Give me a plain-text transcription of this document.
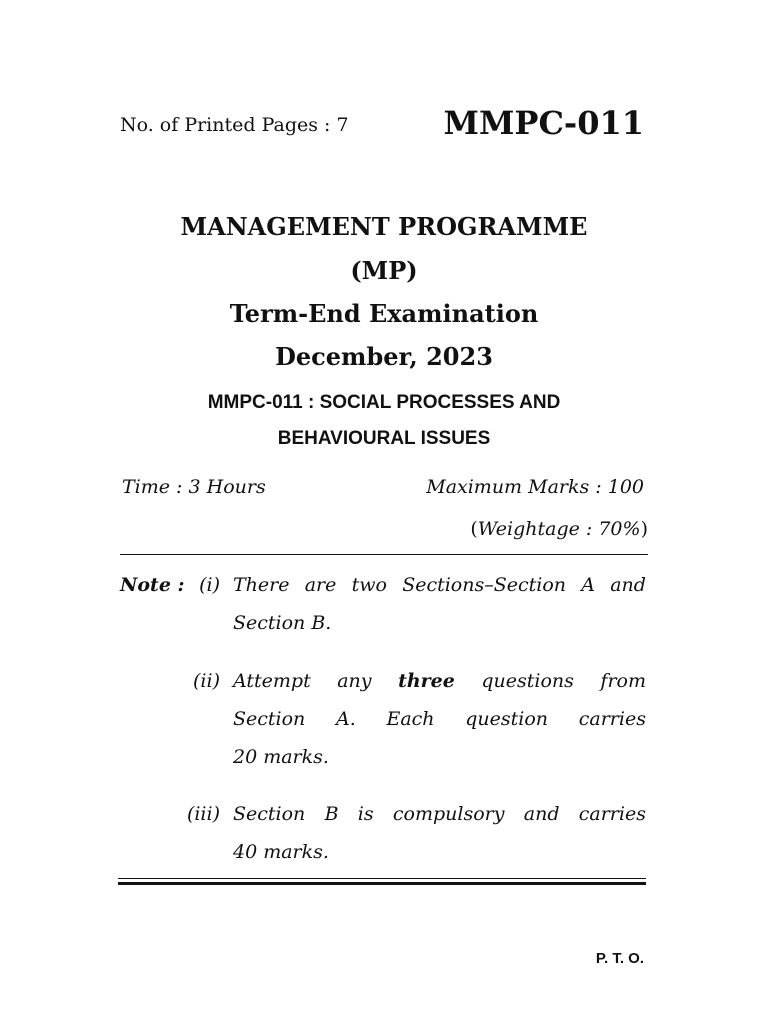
No. of Printed Pages : 7	MMPC-011
MANAGEMENT PROGRAMME
(MP)
Term-End Examination
December, 2023
MMPC-011 : SOCIAL PROCESSES AND
BEHAVIOURAL ISSUES
Time : 3 Hours	Maximum Marks : 100
(Weightage : 70%)
Note : (i) There are two Sections–Section A and
Section B.
(ii) Attempt any three questions from
Section A. Each question carries
20 marks.
(iii) Section B is compulsory and carries
40 marks.
P. T. O.
